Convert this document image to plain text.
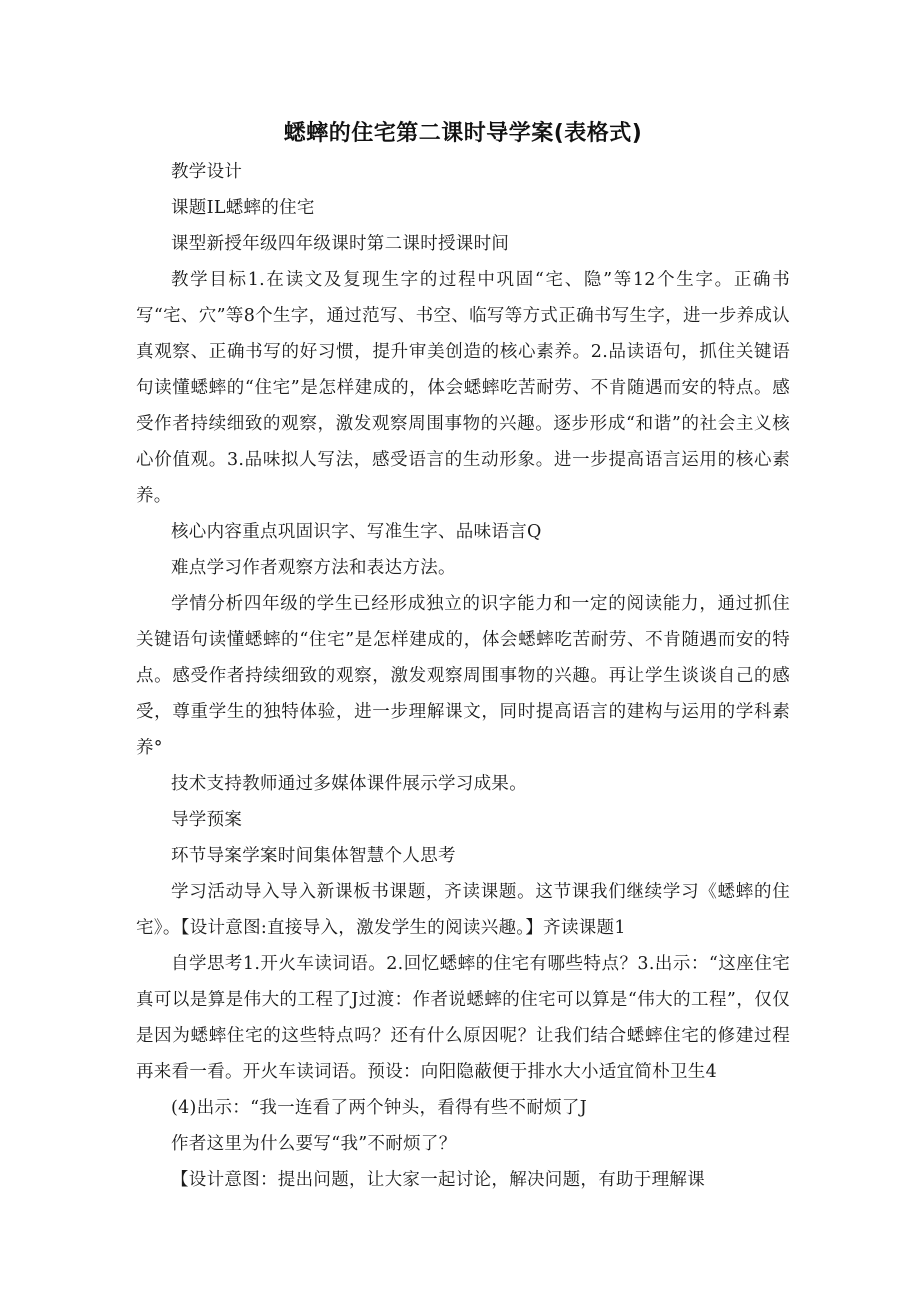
蟋蟀的住宅第二课时导学案(表格式)

教学设计

课题IL蟋蟀的住宅

课型新授年级四年级课时第二课时授课时间

教学目标1.在读文及复现生字的过程中巩固“宅、隐”等12个生字。正确书写“宅、穴”等8个生字，通过范写、书空、临写等方式正确书写生字，进一步养成认真观察、正确书写的好习惯，提升审美创造的核心素养。2.品读语句，抓住关键语句读懂蟋蟀的“住宅”是怎样建成的，体会蟋蟀吃苦耐劳、不肯随遇而安的特点。感受作者持续细致的观察，激发观察周围事物的兴趣。逐步形成“和谐”的社会主义核心价值观。3.品味拟人写法，感受语言的生动形象。进一步提高语言运用的核心素养。

核心内容重点巩固识字、写准生字、品味语言Q

难点学习作者观察方法和表达方法。

学情分析四年级的学生已经形成独立的识字能力和一定的阅读能力，通过抓住关键语句读懂蟋蟀的“住宅”是怎样建成的，体会蟋蟀吃苦耐劳、不肯随遇而安的特点。感受作者持续细致的观察，激发观察周围事物的兴趣。再让学生谈谈自己的感受，尊重学生的独特体验，进一步理解课文，同时提高语言的建构与运用的学科素养°

技术支持教师通过多媒体课件展示学习成果。

导学预案

环节导案学案时间集体智慧个人思考

学习活动导入导入新课板书课题，齐读课题。这节课我们继续学习《蟋蟀的住宅》。【设计意图:直接导入，激发学生的阅读兴趣。】齐读课题1

自学思考1.开火车读词语。2.回忆蟋蟀的住宅有哪些特点？3.出示：“这座住宅真可以是算是伟大的工程了J过渡：作者说蟋蟀的住宅可以算是“伟大的工程”，仅仅是因为蟋蟀住宅的这些特点吗？还有什么原因呢？让我们结合蟋蟀住宅的修建过程再来看一看。开火车读词语。预设：向阳隐蔽便于排水大小适宜简朴卫生4

(4)出示：“我一连看了两个钟头，看得有些不耐烦了J

作者这里为什么要写“我”不耐烦了？

【设计意图：提出问题，让大家一起讨论，解决问题，有助于理解课
